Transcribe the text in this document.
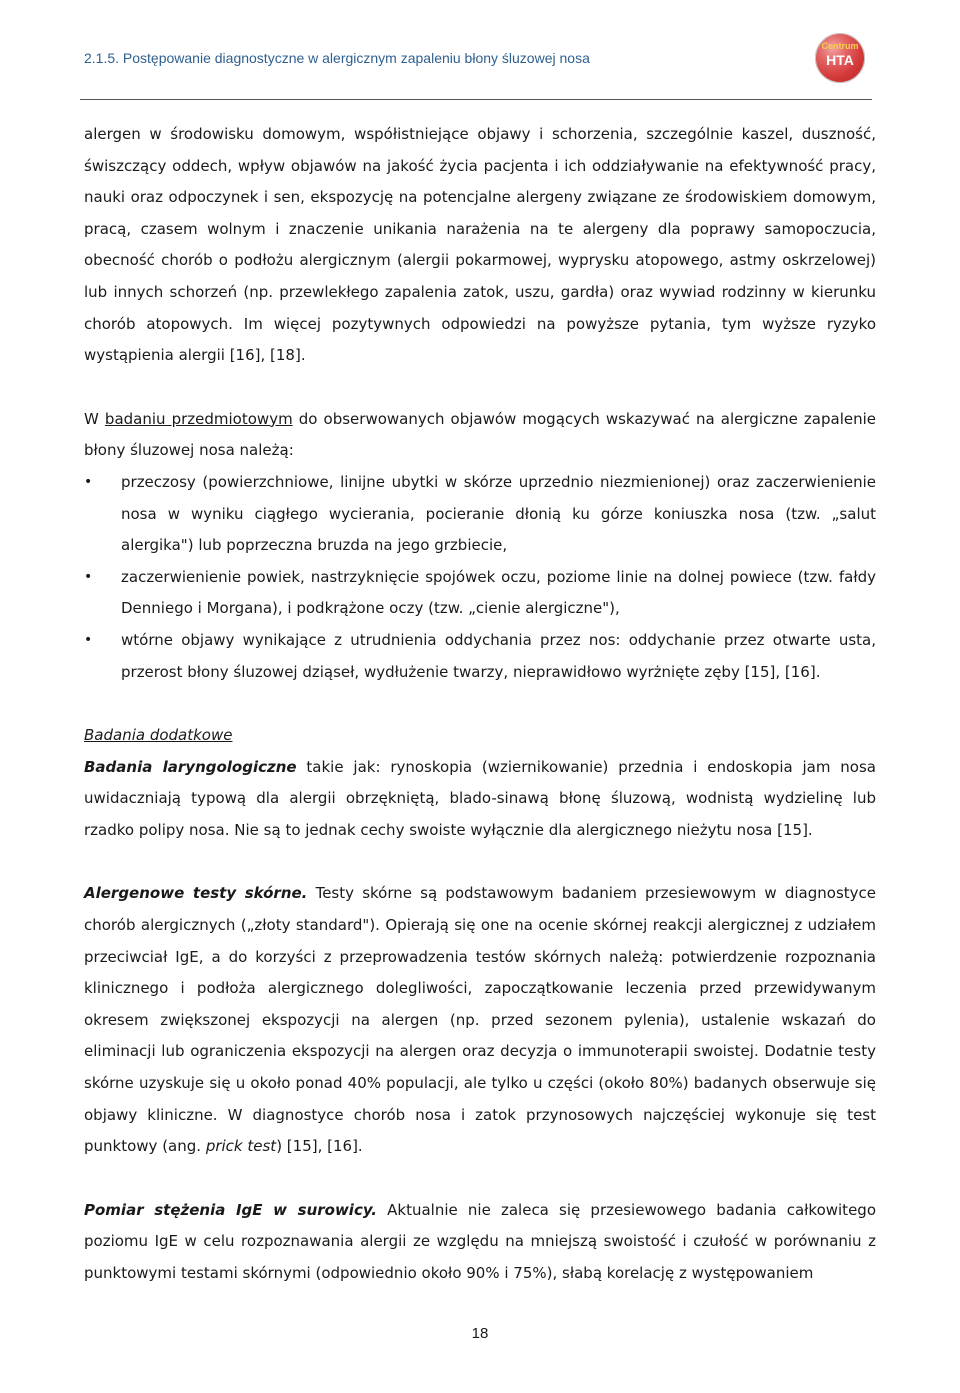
2.1.5. Postępowanie diagnostyczne w alergicznym zapaleniu błony śluzowej nosa
Centrum
HTA

alergen w środowisku domowym, współistniejące objawy i schorzenia, szczególnie kaszel, duszność, świszczący oddech, wpływ objawów na jakość życia pacjenta i ich oddziaływanie na efektywność pracy, nauki oraz odpoczynek i sen, ekspozycję na potencjalne alergeny związane ze środowiskiem domowym, pracą, czasem wolnym i znaczenie unikania narażenia na te alergeny dla poprawy samopoczucia, obecność chorób o podłożu alergicznym (alergii pokarmowej, wyprysku atopowego, astmy oskrzelowej) lub innych schorzeń (np. przewlekłego zapalenia zatok, uszu, gardła) oraz wywiad rodzinny w kierunku chorób atopowych. Im więcej pozytywnych odpowiedzi na powyższe pytania, tym wyższe ryzyko wystąpienia alergii [16], [18].

W badaniu przedmiotowym do obserwowanych objawów mogących wskazywać na alergiczne zapalenie błony śluzowej nosa należą:

• przeczosy (powierzchniowe, linijne ubytki w skórze uprzednio niezmienionej) oraz zaczerwienienie nosa w wyniku ciągłego wycierania, pocieranie dłonią ku górze koniuszka nosa (tzw. „salut alergika") lub poprzeczna bruzda na jego grzbiecie,
• zaczerwienienie powiek, nastrzyknięcie spojówek oczu, poziome linie na dolnej powiece (tzw. fałdy Denniego i Morgana), i podkrążone oczy (tzw. „cienie alergiczne"),
• wtórne objawy wynikające z utrudnienia oddychania przez nos: oddychanie przez otwarte usta, przerost błony śluzowej dziąseł, wydłużenie twarzy, nieprawidłowo wyrżnięte zęby [15], [16].

Badania dodatkowe

Badania laryngologiczne takie jak: rynoskopia (wziernikowanie) przednia i endoskopia jam nosa uwidaczniają typową dla alergii obrzękniętą, blado-sinawą błonę śluzową, wodnistą wydzielinę lub rzadko polipy nosa. Nie są to jednak cechy swoiste wyłącznie dla alergicznego nieżytu nosa [15].

Alergenowe testy skórne. Testy skórne są podstawowym badaniem przesiewowym w diagnostyce chorób alergicznych („złoty standard"). Opierają się one na ocenie skórnej reakcji alergicznej z udziałem przeciwciał IgE, a do korzyści z przeprowadzenia testów skórnych należą: potwierdzenie rozpoznania klinicznego i podłoża alergicznego dolegliwości, zapoczątkowanie leczenia przed przewidywanym okresem zwiększonej ekspozycji na alergen (np. przed sezonem pylenia), ustalenie wskazań do eliminacji lub ograniczenia ekspozycji na alergen oraz decyzja o immunoterapii swoistej. Dodatnie testy skórne uzyskuje się u około ponad 40% populacji, ale tylko u części (około 80%) badanych obserwuje się objawy kliniczne. W diagnostyce chorób nosa i zatok przynosowych najczęściej wykonuje się test punktowy (ang. prick test) [15], [16].

Pomiar stężenia IgE w surowicy. Aktualnie nie zaleca się przesiewowego badania całkowitego poziomu IgE w celu rozpoznawania alergii ze względu na mniejszą swoistość i czułość w porównaniu z punktowymi testami skórnymi (odpowiednio około 90% i 75%), słabą korelację z występowaniem

18
